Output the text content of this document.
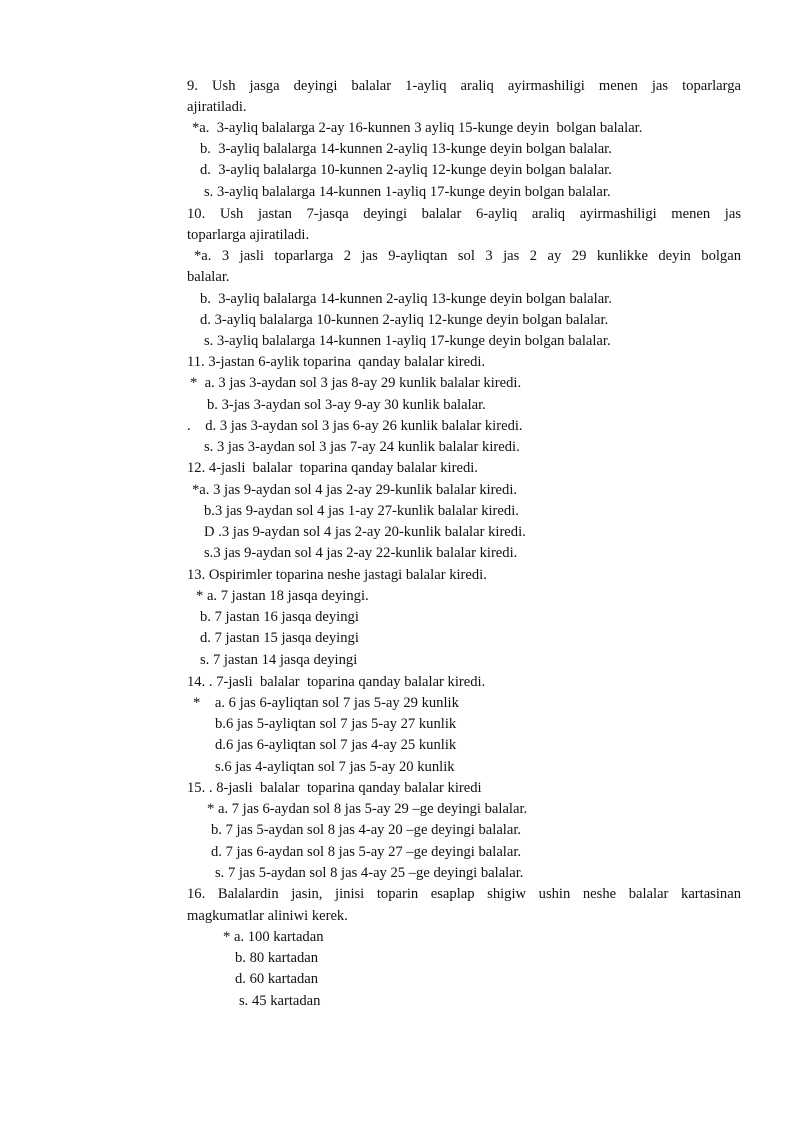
9. Ush jasga deyingi balalar 1-ayliq araliq ayirmashiligi menen jas toparlarga
ajiratiladi.
*a.  3-ayliq balalarga 2-ay 16-kunnen 3 ayliq 15-kunge deyin  bolgan balalar.
b.  3-ayliq balalarga 14-kunnen 2-ayliq 13-kunge deyin bolgan balalar.
d.  3-ayliq balalarga 10-kunnen 2-ayliq 12-kunge deyin bolgan balalar.
s. 3-ayliq balalarga 14-kunnen 1-ayliq 17-kunge deyin bolgan balalar.
10. Ush jastan 7-jasqa deyingi balalar 6-ayliq araliq ayirmashiligi menen jas
toparlarga ajiratiladi.
*a. 3 jasli toparlarga 2 jas 9-ayliqtan sol 3 jas 2 ay 29 kunlikke deyin bolgan
balalar.
b.  3-ayliq balalarga 14-kunnen 2-ayliq 13-kunge deyin bolgan balalar.
d. 3-ayliq balalarga 10-kunnen 2-ayliq 12-kunge deyin bolgan balalar.
s. 3-ayliq balalarga 14-kunnen 1-ayliq 17-kunge deyin bolgan balalar.
11. 3-jastan 6-aylik toparina  qanday balalar kiredi.
*  a. 3 jas 3-aydan sol 3 jas 8-ay 29 kunlik balalar kiredi.
b. 3-jas 3-aydan sol 3-ay 9-ay 30 kunlik balalar.
.    d. 3 jas 3-aydan sol 3 jas 6-ay 26 kunlik balalar kiredi.
s. 3 jas 3-aydan sol 3 jas 7-ay 24 kunlik balalar kiredi.
12. 4-jasli  balalar  toparina qanday balalar kiredi.
*a. 3 jas 9-aydan sol 4 jas 2-ay 29-kunlik balalar kiredi.
b.3 jas 9-aydan sol 4 jas 1-ay 27-kunlik balalar kiredi.
D .3 jas 9-aydan sol 4 jas 2-ay 20-kunlik balalar kiredi.
s.3 jas 9-aydan sol 4 jas 2-ay 22-kunlik balalar kiredi.
13. Ospirimler toparina neshe jastagi balalar kiredi.
* a. 7 jastan 18 jasqa deyingi.
b. 7 jastan 16 jasqa deyingi
d. 7 jastan 15 jasqa deyingi
s. 7 jastan 14 jasqa deyingi
14. . 7-jasli  balalar  toparina qanday balalar kiredi.
*    a. 6 jas 6-ayliqtan sol 7 jas 5-ay 29 kunlik
b.6 jas 5-ayliqtan sol 7 jas 5-ay 27 kunlik
d.6 jas 6-ayliqtan sol 7 jas 4-ay 25 kunlik
s.6 jas 4-ayliqtan sol 7 jas 5-ay 20 kunlik
15. . 8-jasli  balalar  toparina qanday balalar kiredi
* a. 7 jas 6-aydan sol 8 jas 5-ay 29 –ge deyingi balalar.
b. 7 jas 5-aydan sol 8 jas 4-ay 20 –ge deyingi balalar.
d. 7 jas 6-aydan sol 8 jas 5-ay 27 –ge deyingi balalar.
s. 7 jas 5-aydan sol 8 jas 4-ay 25 –ge deyingi balalar.
16. Balalardin jasin, jinisi toparin esaplap shigiw ushin neshe balalar kartasinan
magkumatlar aliniwi kerek.
* a. 100 kartadan
b. 80 kartadan
d. 60 kartadan
s. 45 kartadan
